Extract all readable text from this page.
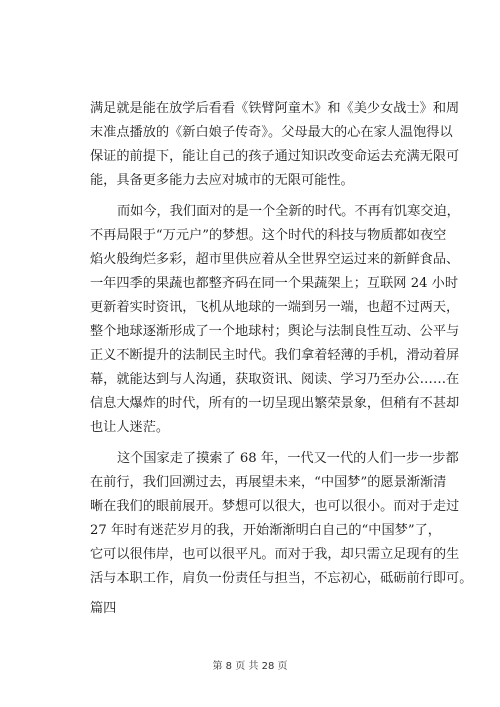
满足就是能在放学后看看《铁臂阿童木》和《美少女战士》和周
末准点播放的《新白娘子传奇》。父母最大的心在家人温饱得以
保证的前提下，能让自己的孩子通过知识改变命运去充满无限可
能，具备更多能力去应对城市的无限可能性。
而如今，我们面对的是一个全新的时代。不再有饥寒交迫，
不再局限于“万元户”的梦想。这个时代的科技与物质都如夜空
焰火般绚烂多彩，超市里供应着从全世界空运过来的新鲜食品、
一年四季的果蔬也都整齐码在同一个果蔬架上；互联网 24 小时
更新着实时资讯，飞机从地球的一端到另一端，也超不过两天，
整个地球逐渐形成了一个地球村；舆论与法制良性互动、公平与
正义不断提升的法制民主时代。我们拿着轻薄的手机，滑动着屏
幕，就能达到与人沟通，获取资讯、阅读、学习乃至办公……在
信息大爆炸的时代，所有的一切呈现出繁荣景象，但稍有不甚却
也让人迷茫。
这个国家走了摸索了 68 年，一代又一代的人们一步一步都
在前行，我们回溯过去，再展望未来，“中国梦”的愿景渐渐清
晰在我们的眼前展开。梦想可以很大，也可以很小。而对于走过
27 年时有迷茫岁月的我，开始渐渐明白自己的“中国梦”了，
它可以很伟岸，也可以很平凡。而对于我，却只需立足现有的生
活与本职工作，肩负一份责任与担当，不忘初心，砥砺前行即可。
篇四
第 8 页 共 28 页
